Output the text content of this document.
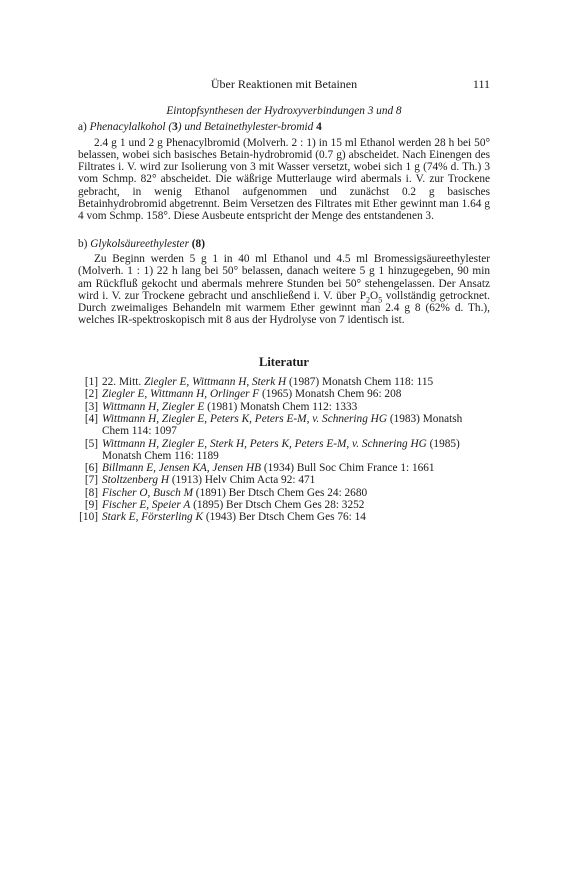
Über Reaktionen mit Betainen	111
Eintopfsynthesen der Hydroxyverbindungen 3 und 8
a) Phenacylalkohol (3) und Betainethylester-bromid 4
2.4 g 1 und 2 g Phenacylbromid (Molverh. 2 : 1) in 15 ml Ethanol werden 28 h bei 50° belassen, wobei sich basisches Betain-hydrobromid (0.7 g) abscheidet. Nach Einengen des Filtrates i. V. wird zur Isolierung von 3 mit Wasser versetzt, wobei sich 1 g (74% d. Th.) 3 vom Schmp. 82° abscheidet. Die wäßrige Mutterlauge wird abermals i. V. zur Trockene gebracht, in wenig Ethanol aufgenommen und zunächst 0.2 g basisches Betainhydrobromid abgetrennt. Beim Versetzen des Filtrates mit Ether gewinnt man 1.64 g 4 vom Schmp. 158°. Diese Ausbeute entspricht der Menge des entstandenen 3.
b) Glykolsäureethylester (8)
Zu Beginn werden 5 g 1 in 40 ml Ethanol und 4.5 ml Bromessigsäureethylester (Molverh. 1 : 1) 22 h lang bei 50° belassen, danach weitere 5 g 1 hinzugegeben, 90 min am Rückfluß gekocht und abermals mehrere Stunden bei 50° stehengelassen. Der Ansatz wird i. V. zur Trockene gebracht und anschließend i. V. über $P_2O_5$ vollständig getrocknet. Durch zweimaliges Behandeln mit warmem Ether gewinnt man 2.4 g 8 (62% d. Th.), welches IR-spektroskopisch mit 8 aus der Hydrolyse von 7 identisch ist.
Literatur
[1] 22. Mitt. Ziegler E, Wittmann H, Sterk H (1987) Monatsh Chem 118: 115
[2] Ziegler E, Wittmann H, Orlinger F (1965) Monatsh Chem 96: 208
[3] Wittmann H, Ziegler E (1981) Monatsh Chem 112: 1333
[4] Wittmann H, Ziegler E, Peters K, Peters E-M, v. Schnering HG (1983) Monatsh Chem 114: 1097
[5] Wittmann H, Ziegler E, Sterk H, Peters K, Peters E-M, v. Schnering HG (1985) Monatsh Chem 116: 1189
[6] Billmann E, Jensen KA, Jensen HB (1934) Bull Soc Chim France 1: 1661
[7] Stoltzenberg H (1913) Helv Chim Acta 92: 471
[8] Fischer O, Busch M (1891) Ber Dtsch Chem Ges 24: 2680
[9] Fischer E, Speier A (1895) Ber Dtsch Chem Ges 28: 3252
[10] Stark E, Försterling K (1943) Ber Dtsch Chem Ges 76: 14
